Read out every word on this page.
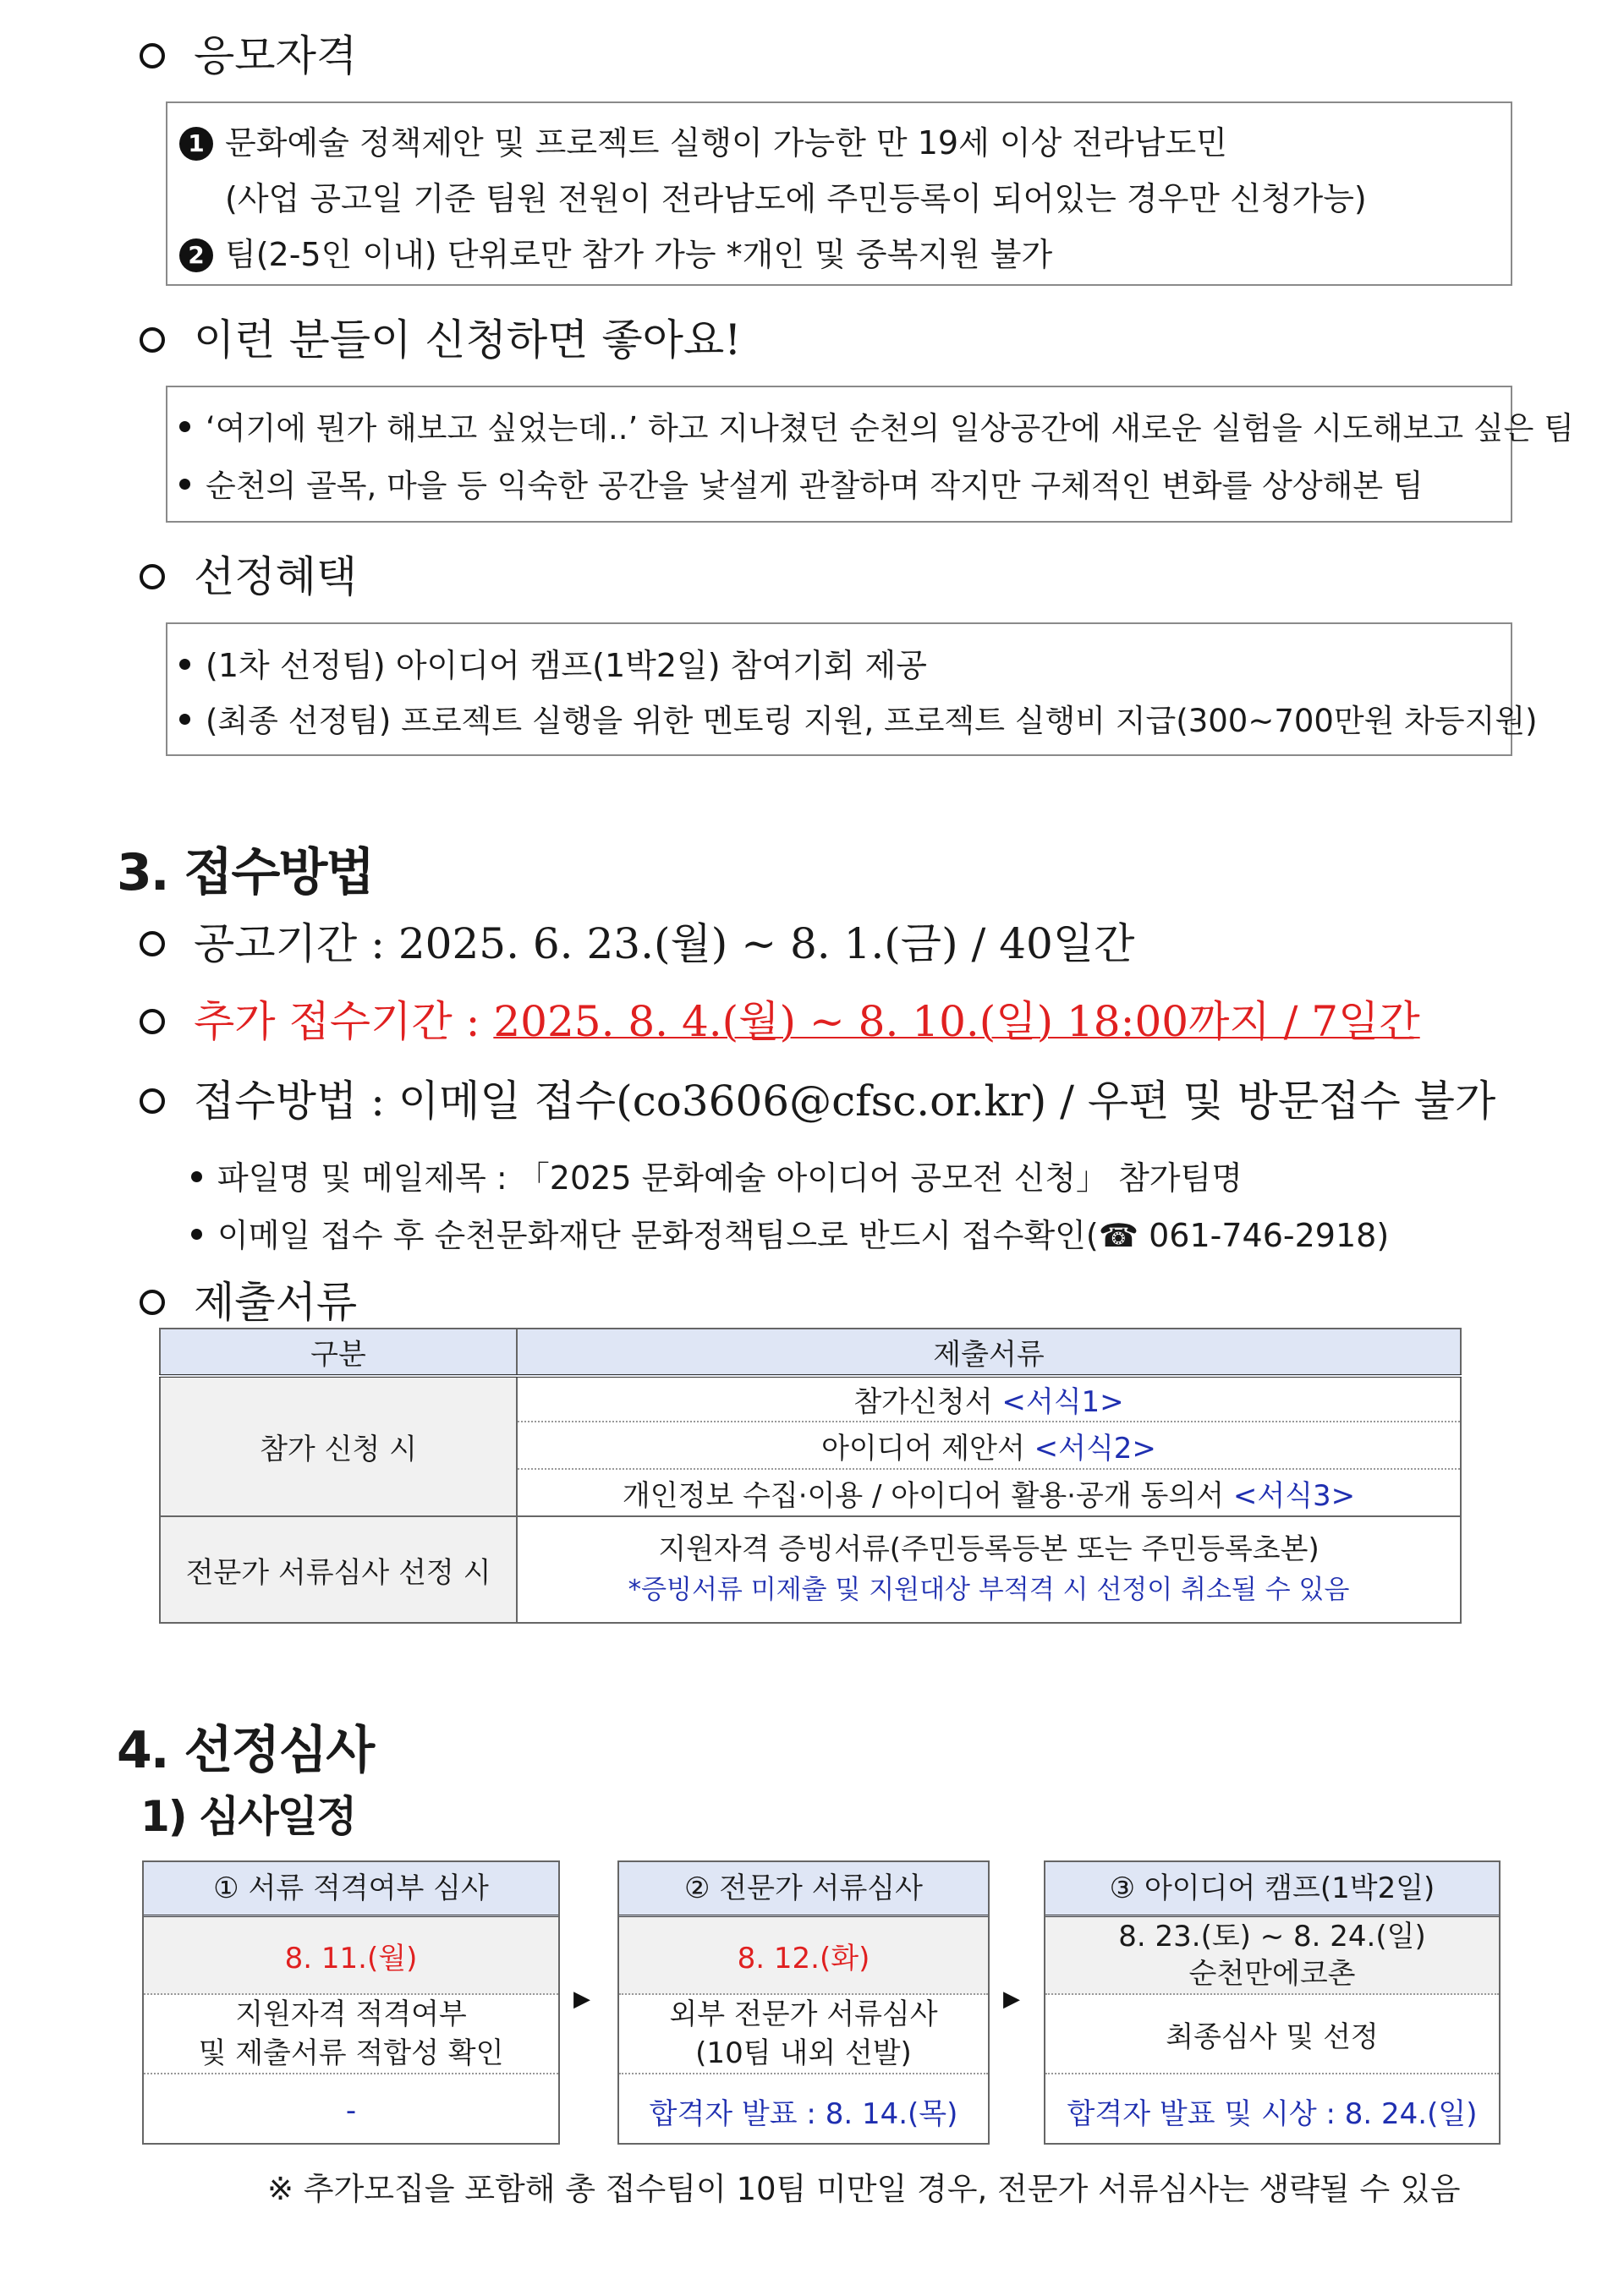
응모자격
1 문화예술 정책제안 및 프로젝트 실행이 가능한 만 19세 이상 전라남도민
(사업 공고일 기준 팀원 전원이 전라남도에 주민등록이 되어있는 경우만 신청가능)
2 팀(2-5인 이내) 단위로만 참가 가능 *개인 및 중복지원 불가
이런 분들이 신청하면 좋아요!
‘여기에 뭔가 해보고 싶었는데..’ 하고 지나쳤던 순천의 일상공간에 새로운 실험을 시도해보고 싶은 팀
순천의 골목, 마을 등 익숙한 공간을 낯설게 관찰하며 작지만 구체적인 변화를 상상해본 팀
선정혜택
(1차 선정팀) 아이디어 캠프(1박2일) 참여기회 제공
(최종 선정팀) 프로젝트 실행을 위한 멘토링 지원, 프로젝트 실행비 지급(300~700만원 차등지원)
3. 접수방법
공고기간 : 2025. 6. 23.(월) ~ 8. 1.(금) / 40일간
추가 접수기간 : 2025. 8. 4.(월) ~ 8. 10.(일) 18:00까지 / 7일간
접수방법 : 이메일 접수(co3606@cfsc.or.kr) / 우편 및 방문접수 불가
파일명 및 메일제목 : 「2025 문화예술 아이디어 공모전 신청」 참가팀명
이메일 접수 후 순천문화재단 문화정책팀으로 반드시 접수확인(☎ 061-746-2918)
제출서류
구분	제출서류
참가 신청 시	참가신청서 <서식1>
	아이디어 제안서 <서식2>
	개인정보 수집·이용 / 아이디어 활용·공개 동의서 <서식3>
전문가 서류심사 선정 시	지원자격 증빙서류(주민등록등본 또는 주민등록초본)
*증빙서류 미제출 및 지원대상 부적격 시 선정이 취소될 수 있음
4. 선정심사
1) 심사일정
① 서류 적격여부 심사
8. 11.(월)
지원자격 적격여부
및 제출서류 적합성 확인
-
▶
② 전문가 서류심사
8. 12.(화)
외부 전문가 서류심사
(10팀 내외 선발)
합격자 발표 : 8. 14.(목)
▶
③ 아이디어 캠프(1박2일)
8. 23.(토) ~ 8. 24.(일)
순천만에코촌
최종심사 및 선정
합격자 발표 및 시상 : 8. 24.(일)
※ 추가모집을 포함해 총 접수팀이 10팀 미만일 경우, 전문가 서류심사는 생략될 수 있음
